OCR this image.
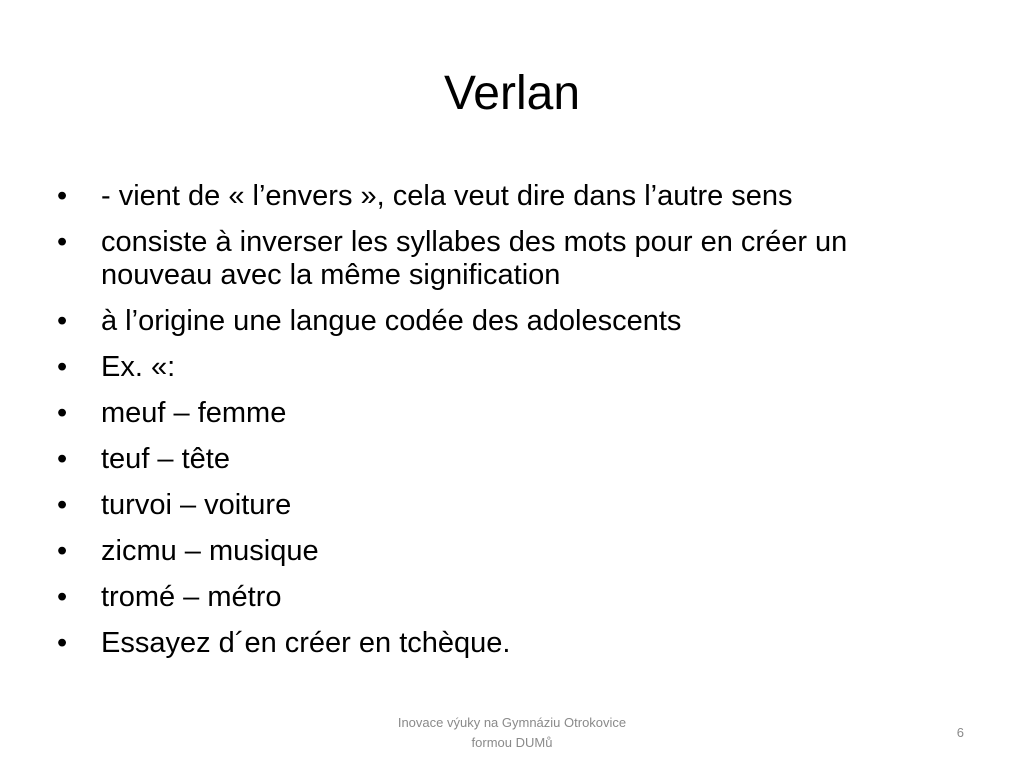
Verlan
•	- vient de « l’envers », cela veut dire dans l’autre sens
•	consiste à inverser les syllabes des mots pour en créer un nouveau avec la même signification
•	à l’origine une langue codée des adolescents
•	Ex. «:
•	meuf – femme
•	teuf – tête
•	turvoi – voiture
•	zicmu – musique
•	tromé – métro
•	Essayez d´en créer en tchèque.
Inovace výuky na Gymnáziu Otrokovice
formou DUMů
6
